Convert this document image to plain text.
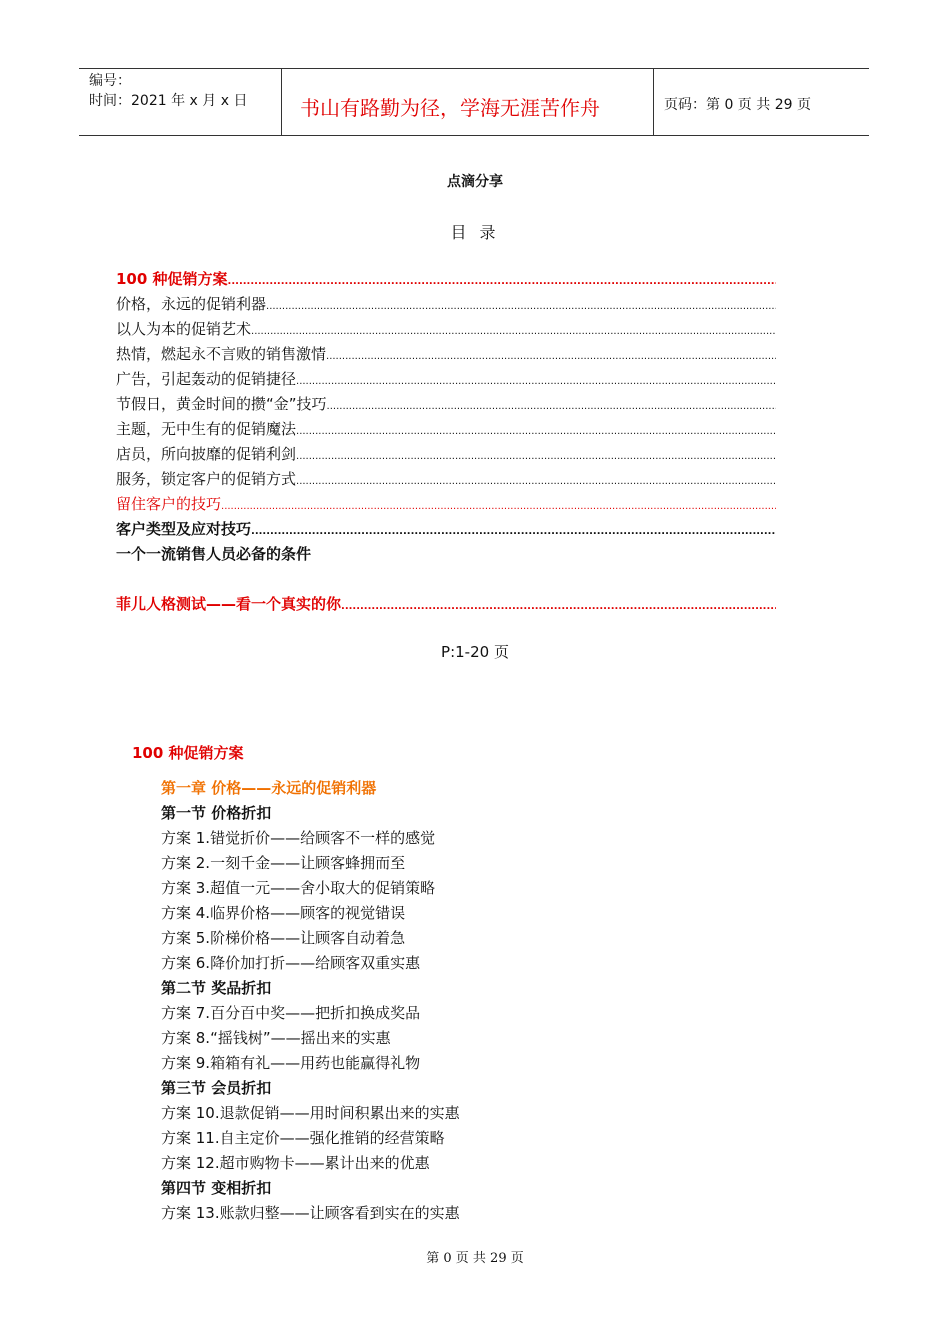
编号：
时间：2021 年 x 月 x 日	书山有路勤为径，学海无涯苦作舟	页码：第 0 页 共 29 页
点滴分享
目 录
100 种促销方案
.....
价格，永远的促销利器
.....
以人为本的促销艺术
.....
热情，燃起永不言败的销售激情
.....
广告，引起轰动的促销捷径
.....
节假日，黄金时间的攒“金”技巧
.....
主题，无中生有的促销魔法
.....
店员，所向披靡的促销利剑
.....
服务，锁定客户的促销方式
.....
留住客户的技巧
.....
客户类型及应对技巧
.....
一个一流销售人员必备的条件
菲儿人格测试——看一个真实的你
.....
P:1-20 页
100 种促销方案
第一章 价格——永远的促销利器
第一节 价格折扣
方案 1.错觉折价——给顾客不一样的感觉
方案 2.一刻千金——让顾客蜂拥而至
方案 3.超值一元——舍小取大的促销策略
方案 4.临界价格——顾客的视觉错误
方案 5.阶梯价格——让顾客自动着急
方案 6.降价加打折——给顾客双重实惠
第二节 奖品折扣
方案 7.百分百中奖——把折扣换成奖品
方案 8.“摇钱树”——摇出来的实惠
方案 9.箱箱有礼——用药也能赢得礼物
第三节 会员折扣
方案 10.退款促销——用时间积累出来的实惠
方案 11.自主定价——强化推销的经营策略
方案 12.超市购物卡——累计出来的优惠
第四节 变相折扣
方案 13.账款归整——让顾客看到实在的实惠
第 0 页 共 29 页
